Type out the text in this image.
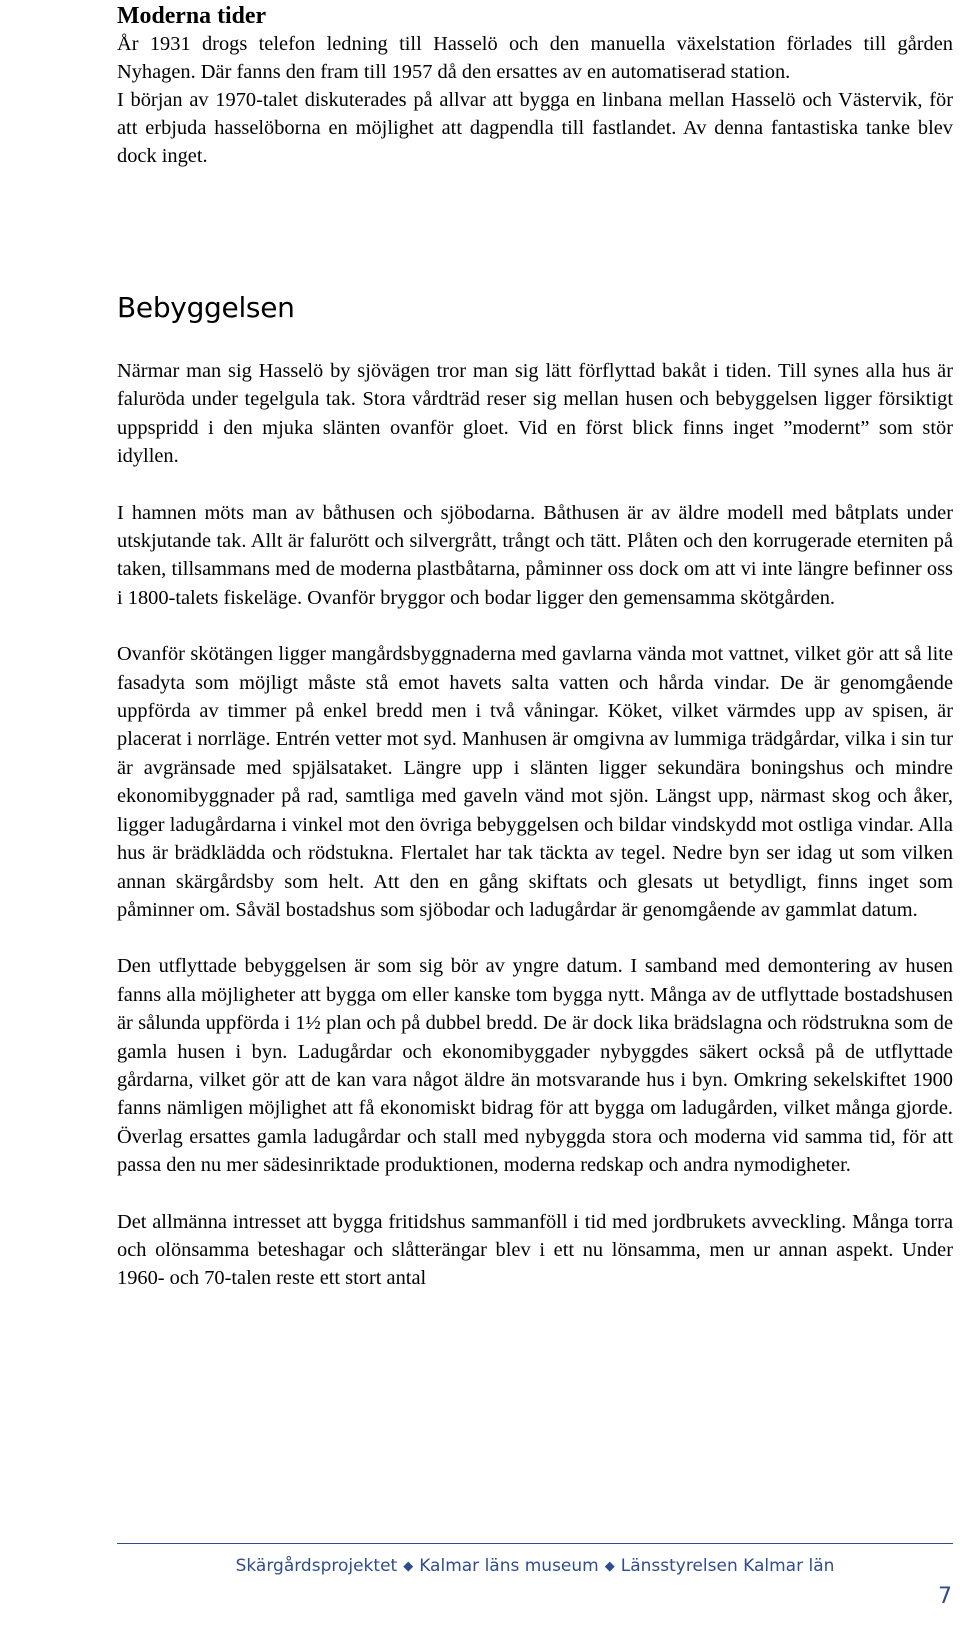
Moderna tider

År 1931 drogs telefon ledning till Hasselö och den manuella växelstation förlades till gården Nyhagen. Där fanns den fram till 1957 då den ersattes av en automatiserad station.

I början av 1970-talet diskuterades på allvar att bygga en linbana mellan Hasselö och Västervik, för att erbjuda hasselöborna en möjlighet att dagpendla till fastlandet. Av denna fantastiska tanke blev dock inget.

Bebyggelsen

Närmar man sig Hasselö by sjövägen tror man sig lätt förflyttad bakåt i tiden. Till synes alla hus är faluröda under tegelgula tak. Stora vårdträd reser sig mellan husen och bebyggelsen ligger försiktigt uppspridd i den mjuka slänten ovanför gloet. Vid en först blick finns inget ”modernt” som stör idyllen.

I hamnen möts man av båthusen och sjöbodarna. Båthusen är av äldre modell med båtplats under utskjutande tak. Allt är falurött och silvergrått, trångt och tätt. Plåten och den korrugerade eterniten på taken, tillsammans med de moderna plastbåtarna, påminner oss dock om att vi inte längre befinner oss i 1800-talets fiskeläge. Ovanför bryggor och bodar ligger den gemensamma skötgården.

Ovanför skötängen ligger mangårdsbyggnaderna med gavlarna vända mot vattnet, vilket gör att så lite fasadyta som möjligt måste stå emot havets salta vatten och hårda vindar. De är genomgående uppförda av timmer på enkel bredd men i två våningar. Köket, vilket värmdes upp av spisen, är placerat i norrläge. Entrén vetter mot syd. Manhusen är omgivna av lummiga trädgårdar, vilka i sin tur är avgränsade med spjälsataket. Längre upp i slänten ligger sekundära boningshus och mindre ekonomibyggnader på rad, samtliga med gaveln vänd mot sjön. Längst upp, närmast skog och åker, ligger ladugårdarna i vinkel mot den övriga bebyggelsen och bildar vindskydd mot ostliga vindar. Alla hus är brädklädda och rödstukna. Flertalet har tak täckta av tegel. Nedre byn ser idag ut som vilken annan skärgårdsby som helt. Att den en gång skiftats och glesats ut betydligt, finns inget som påminner om. Såväl bostadshus som sjöbodar och ladugårdar är genomgående av gammlat datum.

Den utflyttade bebyggelsen är som sig bör av yngre datum. I samband med demontering av husen fanns alla möjligheter att bygga om eller kanske tom bygga nytt. Många av de utflyttade bostadshusen är sålunda uppförda i 1½ plan och på dubbel bredd. De är dock lika brädslagna och rödstrukna som de gamla husen i byn. Ladugårdar och ekonomibyggader nybyggdes säkert också på de utflyttade gårdarna, vilket gör att de kan vara något äldre än motsvarande hus i byn. Omkring sekelskiftet 1900 fanns nämligen möjlighet att få ekonomiskt bidrag för att bygga om ladugården, vilket många gjorde. Överlag ersattes gamla ladugårdar och stall med nybyggda stora och moderna vid samma tid, för att passa den nu mer sädesinriktade produktionen, moderna redskap och andra nymodigheter.

Det allmänna intresset att bygga fritidshus sammanföll i tid med jordbrukets avveckling. Många torra och olönsamma beteshagar och slåtterängar blev i ett nu lönsamma, men ur annan aspekt. Under 1960- och 70-talen reste ett stort antal

Skärgårdsprojektet ◆ Kalmar läns museum ◆ Länsstyrelsen Kalmar län
7
